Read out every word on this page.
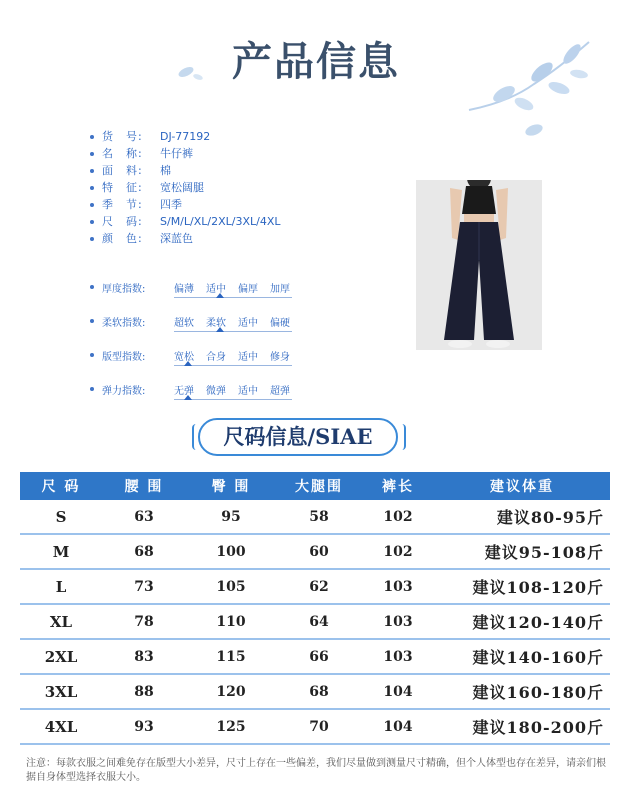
产品信息
货　号:	DJ-77192
名　称:	牛仔裤
面　料:	棉
特　征:	宽松阔腿
季　节:	四季
尺　码:	S/M/L/XL/2XL/3XL/4XL
颜　色:	深蓝色
厚度指数:	偏薄	适中	偏厚	加厚
柔软指数:	超软	柔软	适中	偏硬
版型指数:	宽松	合身	适中	修身
弹力指数:	无弹	微弹	适中	超弹
尺码信息/SIAE
尺 码	腰 围	臀 围	大腿围	裤长	建议体重
S	63	95	58	102	建议80-95斤
M	68	100	60	102	建议95-108斤
L	73	105	62	103	建议108-120斤
XL	78	110	64	103	建议120-140斤
2XL	83	115	66	103	建议140-160斤
3XL	88	120	68	104	建议160-180斤
4XL	93	125	70	104	建议180-200斤
注意：每款衣服之间难免存在版型大小差异，尺寸上存在一些偏差，我们尽量做到测量尺寸精确，但个人体型也存在差异，请亲们根据自身体型选择衣服大小。
